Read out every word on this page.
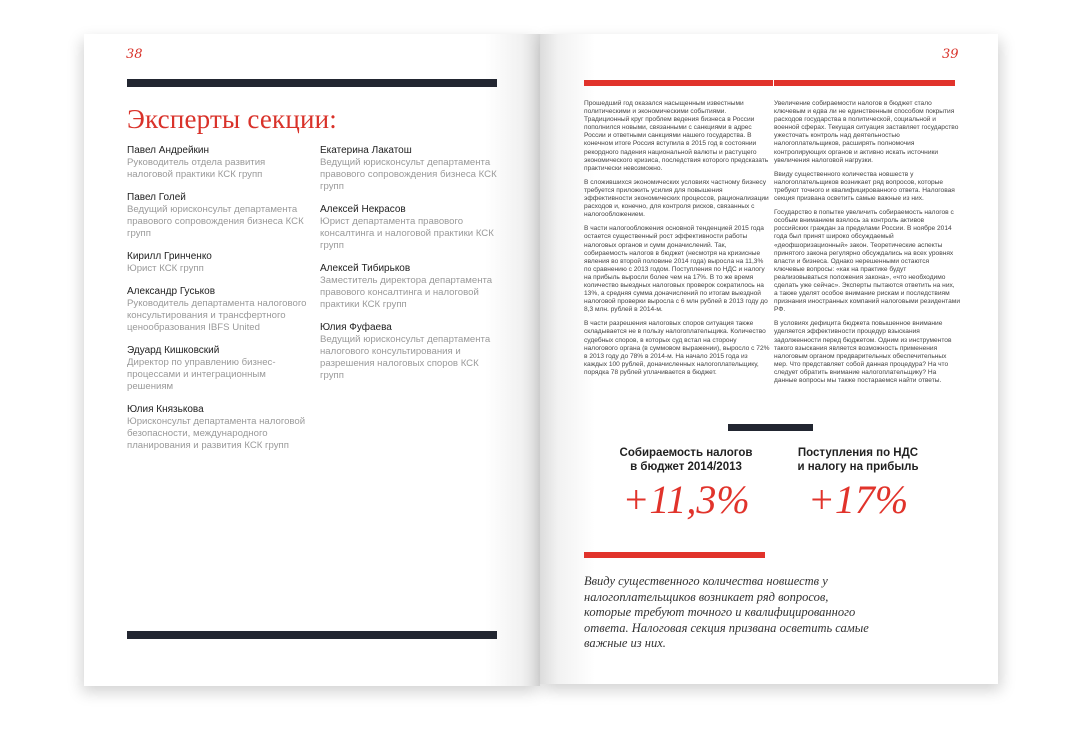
38
Эксперты секции:
Павел Андрейкин
Руководитель отдела развития налоговой практики КСК групп
Павел Голей
Ведущий юрисконсульт департамента правового сопровождения бизнеса КСК групп
Кирилл Гринченко
Юрист КСК групп
Александр Гуськов
Руководитель департамента налогового консультирования и трансфертного ценообразования IBFS United
Эдуард Кишковский
Директор по управлению бизнес-процессами и интеграционным решениям
Юлия Князькова
Юрисконсульт департамента налоговой безопасности, международного планирования и развития КСК групп
Екатерина Лакатош
Ведущий юрисконсульт департамента правового сопровождения бизнеса КСК групп
Алексей Некрасов
Юрист департамента правового консалтинга и налоговой практики КСК групп
Алексей Тибирьков
Заместитель директора департамента правового консалтинга и налоговой практики КСК групп
Юлия Фуфаева
Ведущий юрисконсульт департамента налогового консультирования и разрешения налоговых споров КСК групп
39

Прошедший год оказался насыщенным известными политическими и экономическими событиями. Традиционный круг проблем ведения бизнеса в России пополнился новыми, связанными с санкциями в адрес России и ответными санкциями нашего государства. В конечном итоге Россия вступила в 2015 год в состоянии рекордного падения национальной валюты и растущего экономического кризиса, последствия которого предсказать практически невозможно.

В сложившихся экономических условиях частному бизнесу требуется приложить усилия для повышения эффективности экономических процессов, рационализации расходов и, конечно, для контроля рисков, связанных с налогообложением.

В части налогообложения основной тенденцией 2015 года остается существенный рост эффективности работы налоговых органов и сумм доначислений. Так, собираемость налогов в бюджет (несмотря на кризисные явления во второй половине 2014 года) выросла на 11,3% по сравнению с 2013 годом. Поступления по НДС и налогу на прибыль выросли более чем на 17%. В то же время количество выездных налоговых проверок сократилось на 13%, а средняя сумма доначислений по итогам выездной налоговой проверки выросла с 6 млн рублей в 2013 году до 8,3 млн. рублей в 2014-м.

В части разрешения налоговых споров ситуация также складывается не в пользу налогоплательщика. Количество судебных споров, в которых суд встал на сторону налогового органа (в суммовом выражении), выросло с 72% в 2013 году до 78% в 2014-м. На начало 2015 года из каждых 100 рублей, доначисленных налогоплательщику, порядка 78 рублей уплачивается в бюджет.

Увеличение собираемости налогов в бюджет стало ключевым и едва ли не единственным способом покрытия расходов государства в политической, социальной и военной сферах. Текущая ситуация заставляет государство ужесточать контроль над деятельностью налогоплательщиков, расширять полномочия контролирующих органов и активно искать источники увеличения налоговой нагрузки.

Ввиду существенного количества новшеств у налогоплательщиков возникает ряд вопросов, которые требуют точного и квалифицированного ответа. Налоговая секция призвана осветить самые важные из них.

Государство в попытке увеличить собираемость налогов с особым вниманием взялось за контроль активов российских граждан за пределами России. В ноябре 2014 года был принят широко обсуждаемый «деофшоризационный» закон. Теоретические аспекты принятого закона регулярно обсуждались на всех уровнях власти и бизнеса. Однако нерешенными остаются ключевые вопросы: «как на практике будут реализовываться положения закона», «что необходимо сделать уже сейчас». Эксперты пытаются ответить на них, а также уделят особое внимание рискам и последствиям признания иностранных компаний налоговыми резидентами РФ.

В условиях дефицита бюджета повышенное внимание уделяется эффективности процедур взыскания задолженности перед бюджетом. Одним из инструментов такого взыскания является возможность применения налоговым органом предварительных обеспечительных мер. Что представляет собой данная процедура? На что следует обратить внимание налогоплательщику? На данные вопросы мы также постараемся найти ответы.

Собираемость налогов
в бюджет 2014/2013
+11,3%
Поступления по НДС
и налогу на прибыль
+17%
Ввиду существенного количества новшеств у налогоплательщиков возникает ряд вопросов, которые требуют точного и квалифицированного ответа. Налоговая секция призвана осветить самые важные из них.
